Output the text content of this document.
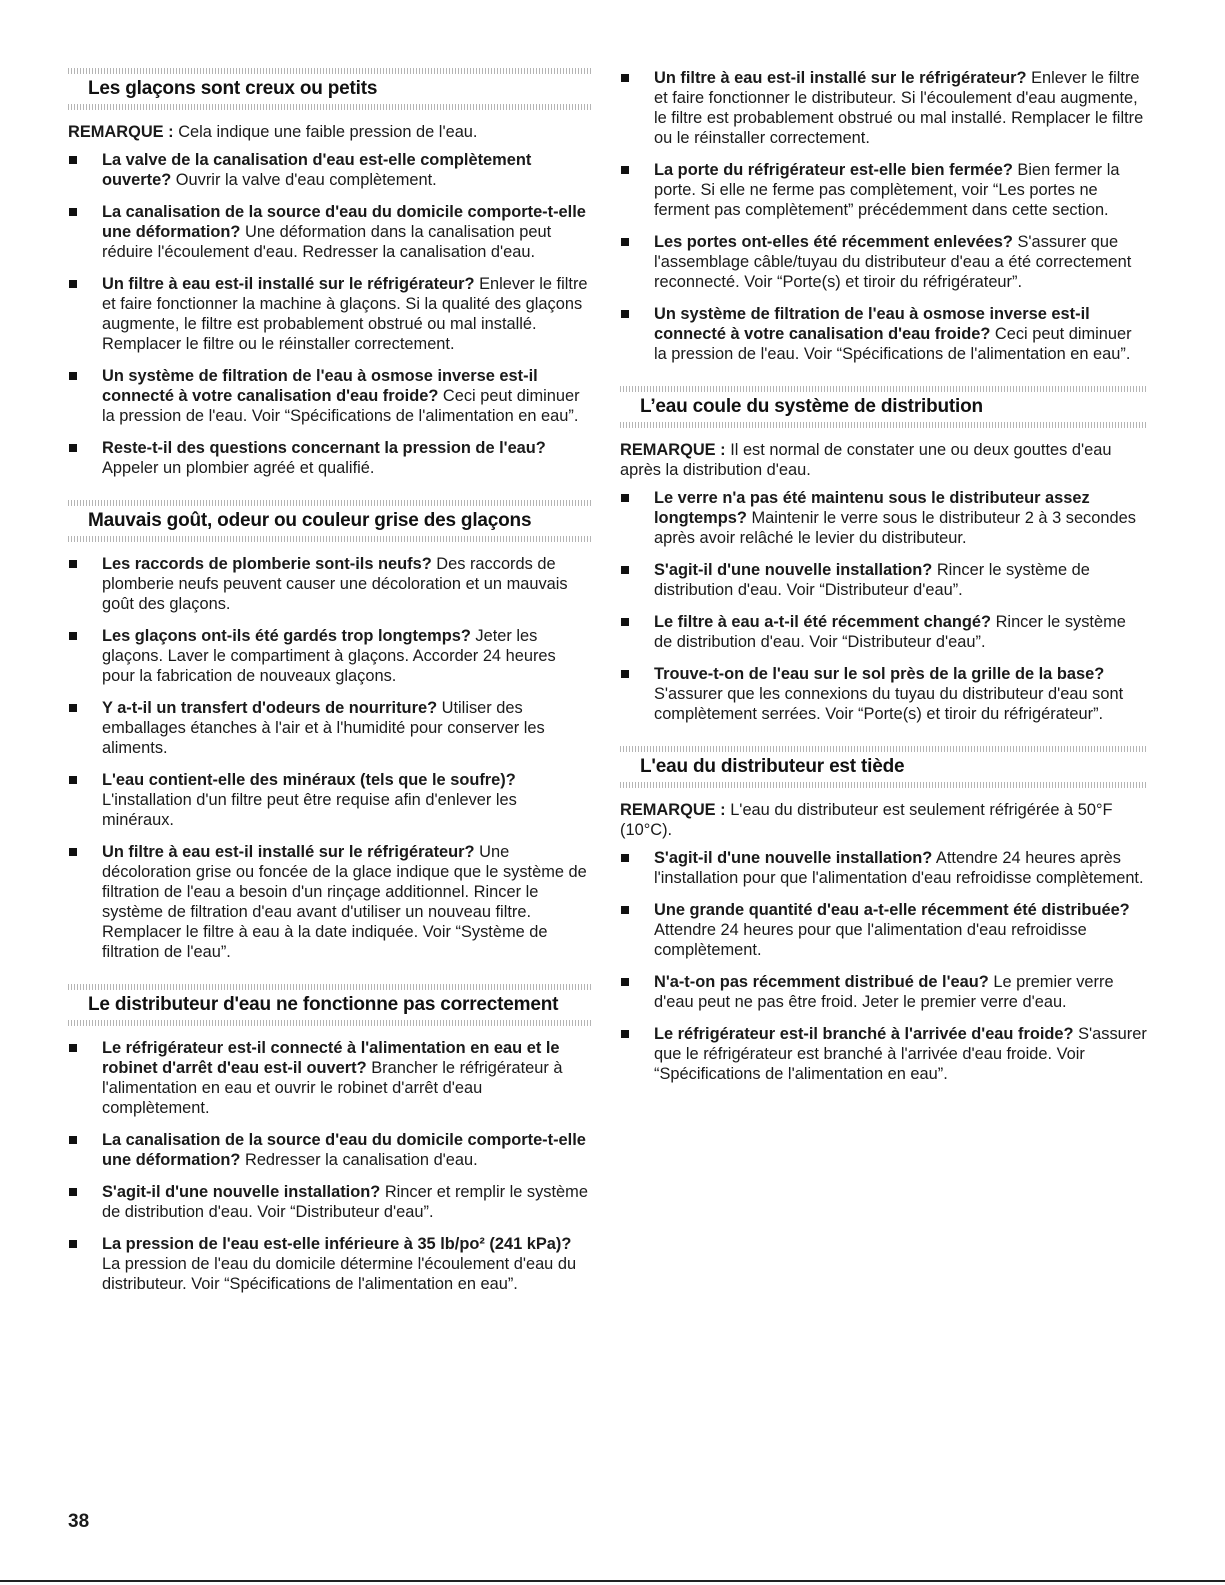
Les glaçons sont creux ou petits

REMARQUE : Cela indique une faible pression de l'eau.

La valve de la canalisation d'eau est-elle complètement ouverte? Ouvrir la valve d'eau complètement.
La canalisation de la source d'eau du domicile comporte-t-elle une déformation? Une déformation dans la canalisation peut réduire l'écoulement d'eau. Redresser la canalisation d'eau.
Un filtre à eau est-il installé sur le réfrigérateur? Enlever le filtre et faire fonctionner la machine à glaçons. Si la qualité des glaçons augmente, le filtre est probablement obstrué ou mal installé. Remplacer le filtre ou le réinstaller correctement.
Un système de filtration de l'eau à osmose inverse est-il connecté à votre canalisation d'eau froide? Ceci peut diminuer la pression de l'eau. Voir “Spécifications de l'alimentation en eau”.
Reste-t-il des questions concernant la pression de l'eau? Appeler un plombier agréé et qualifié.
Mauvais goût, odeur ou couleur grise des glaçons
Les raccords de plomberie sont-ils neufs? Des raccords de plomberie neufs peuvent causer une décoloration et un mauvais goût des glaçons.
Les glaçons ont-ils été gardés trop longtemps? Jeter les glaçons. Laver le compartiment à glaçons. Accorder 24 heures pour la fabrication de nouveaux glaçons.
Y a-t-il un transfert d'odeurs de nourriture? Utiliser des emballages étanches à l'air et à l'humidité pour conserver les aliments.
L'eau contient-elle des minéraux (tels que le soufre)? L'installation d'un filtre peut être requise afin d'enlever les minéraux.
Un filtre à eau est-il installé sur le réfrigérateur? Une décoloration grise ou foncée de la glace indique que le système de filtration de l'eau a besoin d'un rinçage additionnel. Rincer le système de filtration d'eau avant d'utiliser un nouveau filtre. Remplacer le filtre à eau à la date indiquée. Voir “Système de filtration de l'eau”.
Le distributeur d'eau ne fonctionne pas correctement
Le réfrigérateur est-il connecté à l'alimentation en eau et le robinet d'arrêt d'eau est-il ouvert? Brancher le réfrigérateur à l'alimentation en eau et ouvrir le robinet d'arrêt d'eau complètement.
La canalisation de la source d'eau du domicile comporte-t-elle une déformation? Redresser la canalisation d'eau.
S'agit-il d'une nouvelle installation? Rincer et remplir le système de distribution d'eau. Voir “Distributeur d'eau”.
La pression de l'eau est-elle inférieure à 35 lb/po² (241 kPa)? La pression de l'eau du domicile détermine l'écoulement d'eau du distributeur. Voir “Spécifications de l'alimentation en eau”.
Un filtre à eau est-il installé sur le réfrigérateur? Enlever le filtre et faire fonctionner le distributeur. Si l'écoulement d'eau augmente, le filtre est probablement obstrué ou mal installé. Remplacer le filtre ou le réinstaller correctement.
La porte du réfrigérateur est-elle bien fermée? Bien fermer la porte. Si elle ne ferme pas complètement, voir “Les portes ne ferment pas complètement” précédemment dans cette section.
Les portes ont-elles été récemment enlevées? S'assurer que l'assemblage câble/tuyau du distributeur d'eau a été correctement reconnecté. Voir “Porte(s) et tiroir du réfrigérateur”.
Un système de filtration de l'eau à osmose inverse est-il connecté à votre canalisation d'eau froide? Ceci peut diminuer la pression de l'eau. Voir “Spécifications de l'alimentation en eau”.
L’eau coule du système de distribution

REMARQUE : Il est normal de constater une ou deux gouttes d'eau après la distribution d'eau.

Le verre n'a pas été maintenu sous le distributeur assez longtemps? Maintenir le verre sous le distributeur 2 à 3 secondes après avoir relâché le levier du distributeur.
S'agit-il d'une nouvelle installation? Rincer le système de distribution d'eau. Voir “Distributeur d'eau”.
Le filtre à eau a-t-il été récemment changé? Rincer le système de distribution d'eau. Voir “Distributeur d'eau”.
Trouve-t-on de l'eau sur le sol près de la grille de la base? S'assurer que les connexions du tuyau du distributeur d'eau sont complètement serrées. Voir “Porte(s) et tiroir du réfrigérateur”.
L'eau du distributeur est tiède

REMARQUE : L'eau du distributeur est seulement réfrigérée à 50°F (10°C).

S'agit-il d'une nouvelle installation? Attendre 24 heures après l'installation pour que l'alimentation d'eau refroidisse complètement.
Une grande quantité d'eau a-t-elle récemment été distribuée? Attendre 24 heures pour que l'alimentation d'eau refroidisse complètement.
N'a-t-on pas récemment distribué de l'eau? Le premier verre d'eau peut ne pas être froid. Jeter le premier verre d'eau.
Le réfrigérateur est-il branché à l'arrivée d'eau froide? S'assurer que le réfrigérateur est branché à l'arrivée d'eau froide. Voir “Spécifications de l'alimentation en eau”.
38
